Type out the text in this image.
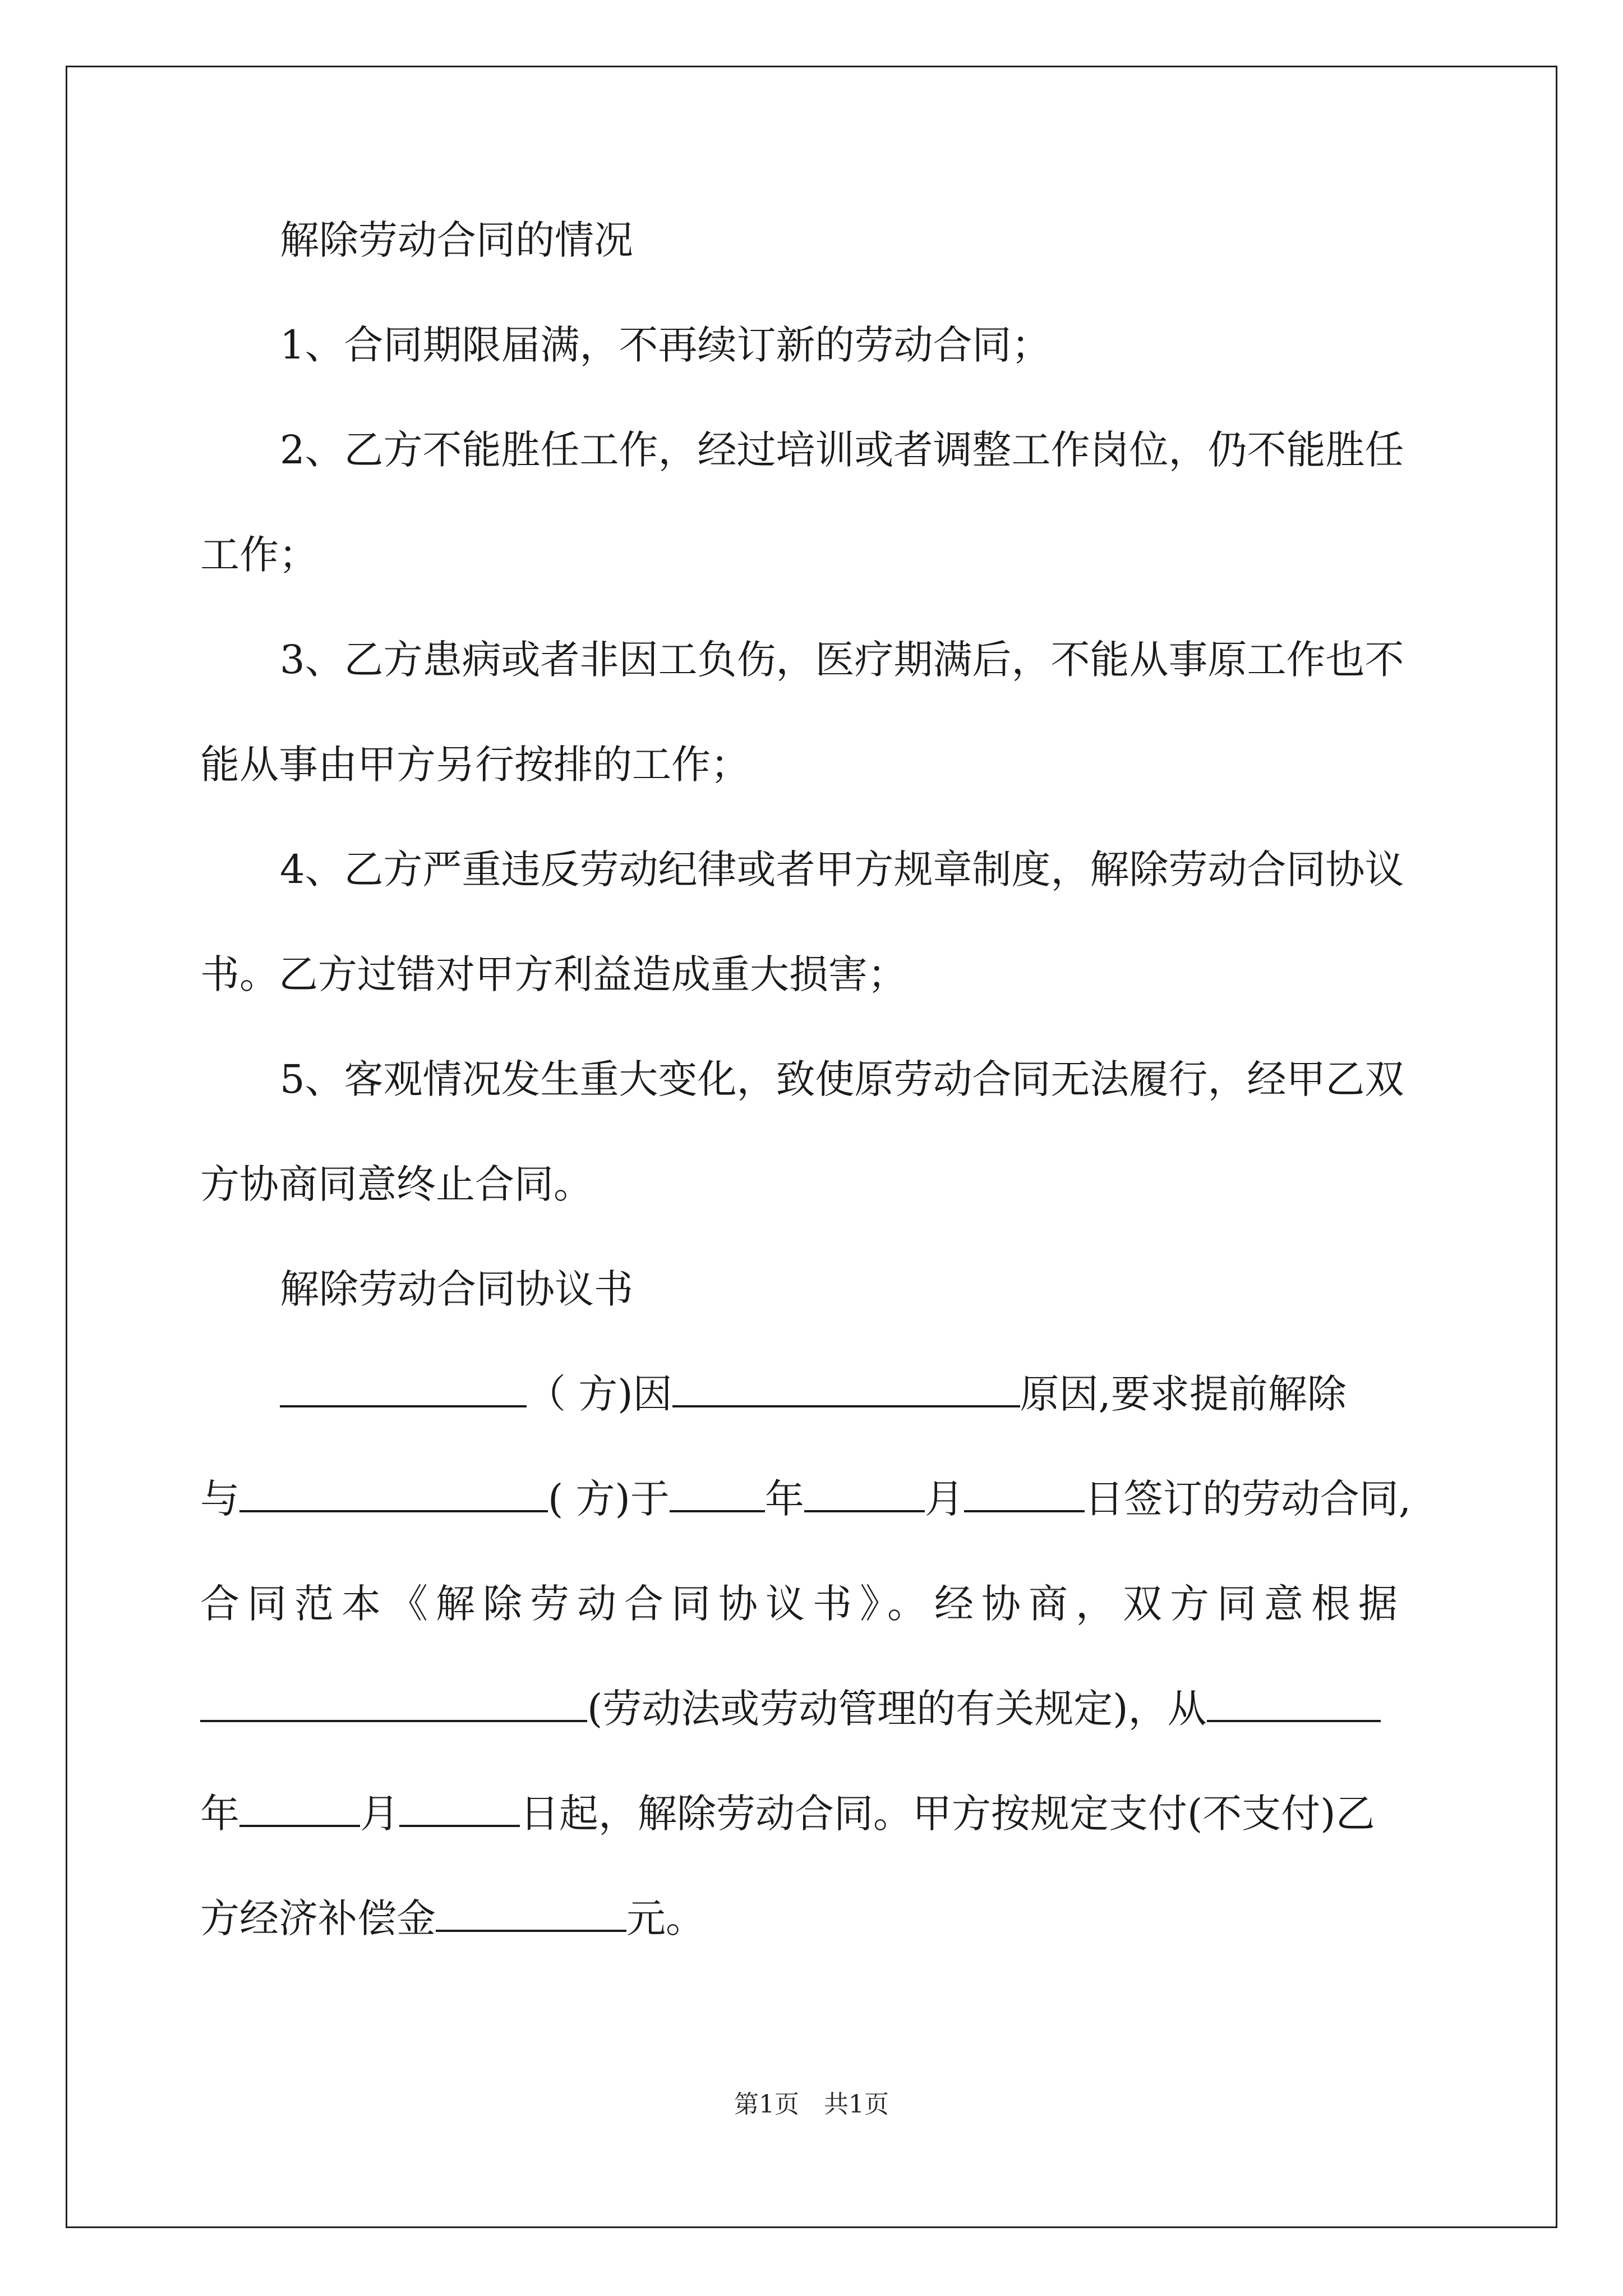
解除劳动合同的情况
1、合同期限届满，不再续订新的劳动合同；
2、乙方不能胜任工作，经过培训或者调整工作岗位，仍不能胜任
工作；
3、乙方患病或者非因工负伤，医疗期满后，不能从事原工作也不
能从事由甲方另行按排的工作；
4、乙方严重违反劳动纪律或者甲方规章制度，解除劳动合同协议
书。乙方过错对甲方利益造成重大损害；
5、客观情况发生重大变化，致使原劳动合同无法履行，经甲乙双
方协商同意终止合同。
解除劳动合同协议书
（ 方)因	原因,要求提前解除
与	( 方)于 年	月	日签订的劳动合同,
合同范本《解除劳动合同协议书》。经协商，双方同意根据
(劳动法或劳动管理的有关规定)，从
年	月	日起，解除劳动合同。甲方按规定支付(不支付)乙
方经济补偿金	元。
第1页　共1页
